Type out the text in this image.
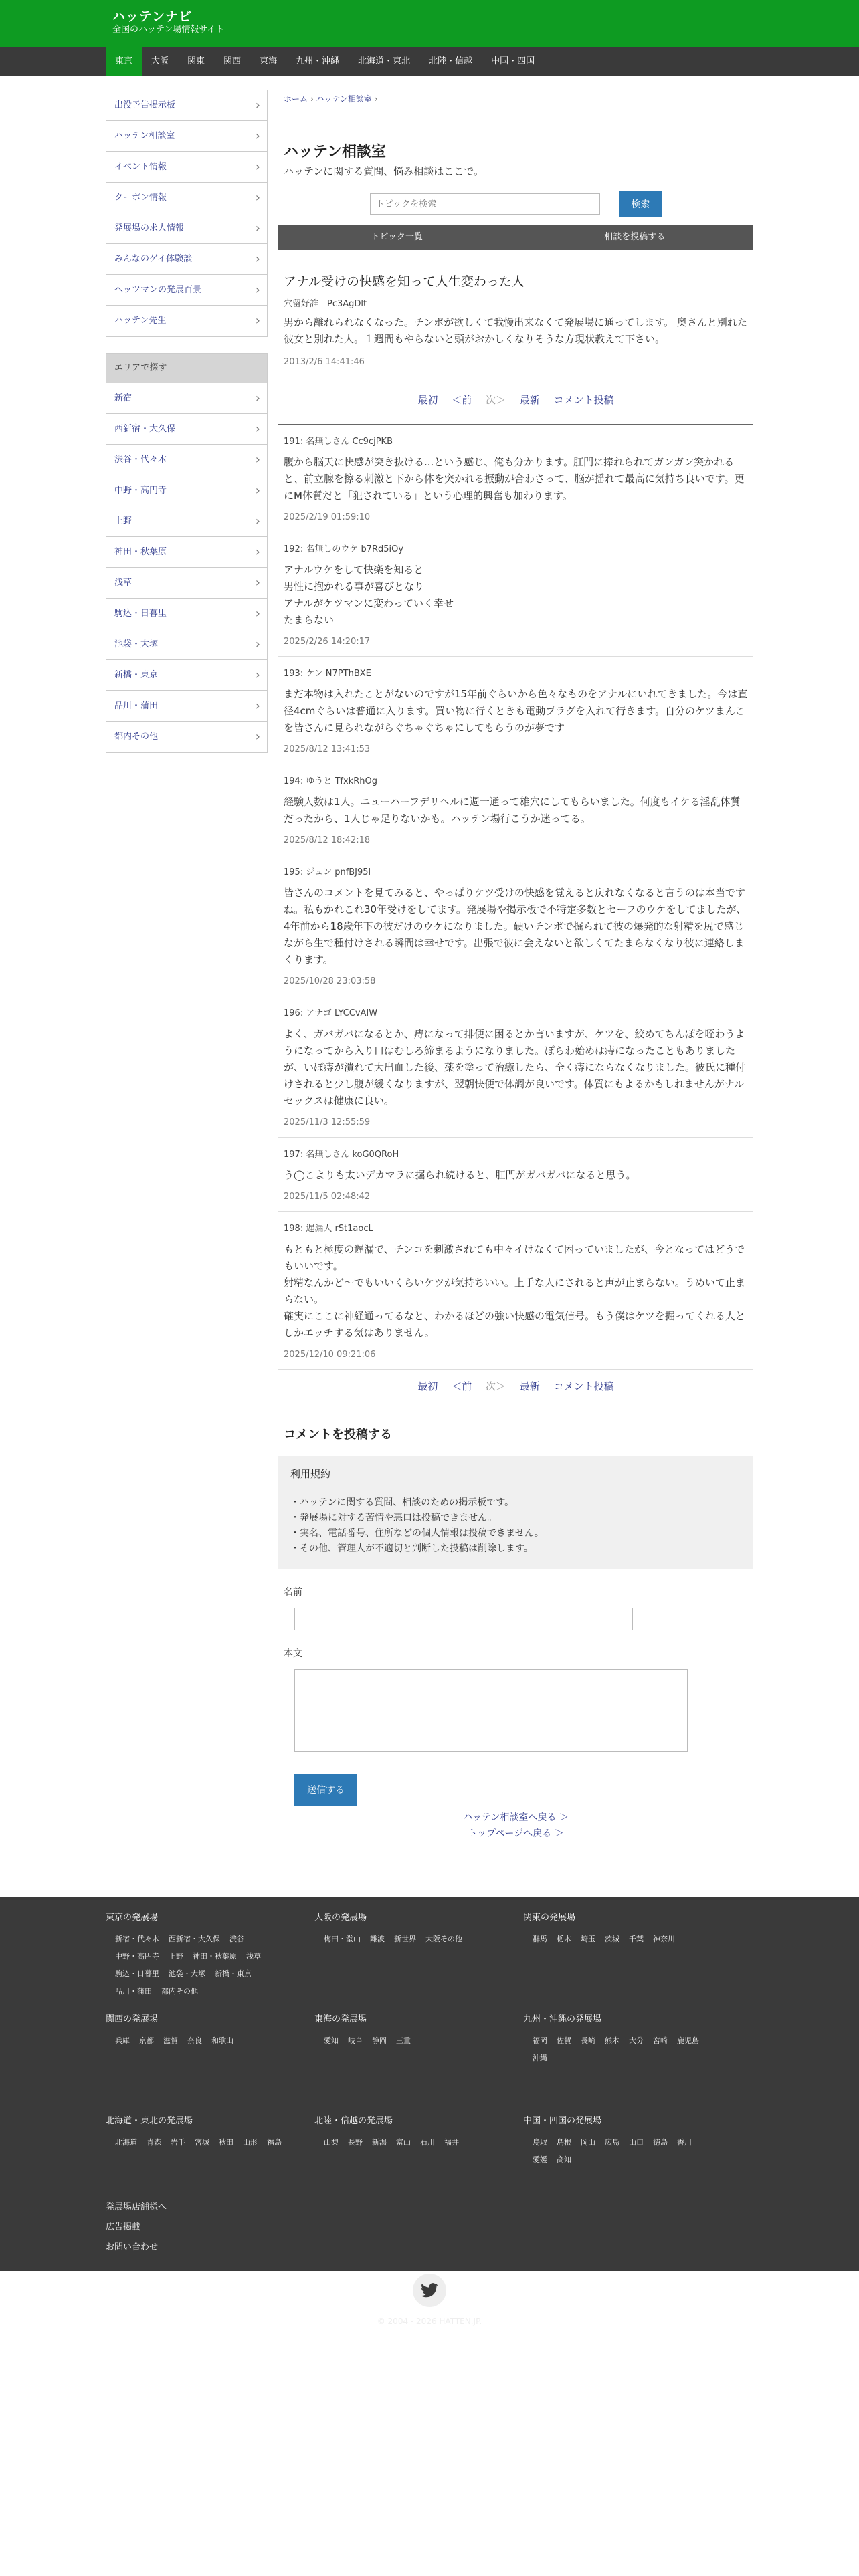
ハッテンナビ
全国のハッテン場情報サイト
東京	大阪	関東	関西	東海	九州・沖縄	北海道・東北	北陸・信越	中国・四国
出没予告掲示板	›
ハッテン相談室	›
イベント情報	›
クーポン情報	›
発展場の求人情報	›
みんなのゲイ体験談	›
ヘッツマンの発展百景	›
ハッテン先生	›
エリアで探す
新宿	›
西新宿・大久保	›
渋谷・代々木	›
中野・高円寺	›
上野	›
神田・秋葉原	›
浅草	›
駒込・日暮里	›
池袋・大塚	›
新橋・東京	›
品川・蒲田	›
都内その他	›
ホーム › ハッテン相談室 ›
ハッテン相談室
ハッテンに関する質問、悩み相談はここで。
トピックを検索 検索
トピック一覧	相談を投稿する
アナル受けの快感を知って人生変わった人
穴留好誰　Pc3AgDlt
男から離れられなくなった。チンポが欲しくて我慢出来なくて発展場に通ってします。 奥さんと別れた彼女と別れた人。１週間もやらないと頭がおかしくなりそうな方現状教えて下さい。
2013/2/6 14:41:46
最初 ＜前 次＞ 最新 コメント投稿
191: 名無しさん Cc9cjPKB
腹から脳天に快感が突き抜ける...という感じ、俺も分かります。肛門に捧れられてガンガン突かれると、前立腺を擦る刺激と下から体を突かれる振動が合わさって、脳が揺れて最高に気持ち良いです。更にM体質だと「犯されている」という心理的興奮も加わります。
2025/2/19 01:59:10
192: 名無しのウケ b7Rd5iOy
アナルウケをして快楽を知ると
男性に抱かれる事が喜びとなり
アナルがケツマンに変わっていく幸せ
たまらない
2025/2/26 14:20:17
193: ケン N7PThBXE
まだ本物は入れたことがないのですが15年前ぐらいから色々なものをアナルにいれてきました。今は直径4cmぐらいは普通に入ります。買い物に行くときも電動プラグを入れて行きます。自分のケツまんこを皆さんに見られながらぐちゃぐちゃにしてもらうのが夢です
2025/8/12 13:41:53
194: ゆうと TfxkRhOg
経験人数は1人。ニューハーフデリヘルに週一通って雄穴にしてもらいました。何度もイケる淫乱体質だったから、1人じゃ足りないかも。ハッテン場行こうか迷ってる。
2025/8/12 18:42:18
195: ジュン pnfBJ95l
皆さんのコメントを見てみると、やっぱりケツ受けの快感を覚えると戻れなくなると言うのは本当ですね。私もかれこれ30年受けをしてます。発展場や掲示板で不特定多数とセーフのウケをしてましたが、4年前から18歳年下の彼だけのウケになりました。硬いチンポで掘られて彼の爆発的な射精を尻で感じながら生で種付けされる瞬間は幸せです。出張で彼に会えないと欲しくてたまらなくなり彼に連絡しまくります。
2025/10/28 23:03:58
196: アナゴ LYCCvAIW
よく、ガバガバになるとか、痔になって排便に困るとか言いますが、ケツを、絞めてちんぽを咥わうようになってから入り口はむしろ締まるようになりました。ぽらわ始めは痔になったこともありましたが、いぼ痔が潰れて大出血した後、薬を塗って治癒したら、全く痔にならなくなりました。彼氏に種付けされると少し腹が緩くなりますが、翌朝快便で体調が良いです。体質にもよるかもしれませんがナルセックスは健康に良い。
2025/11/3 12:55:59
197: 名無しさん koG0QRoH
う◯こよりも太いデカマラに掘られ続けると、肛門がガバガバになると思う。
2025/11/5 02:48:42
198: 遅漏人 rSt1aocL
もともと極度の遅漏で、チンコを刺激されても中々イけなくて困っていましたが、今となってはどうでもいいです。
射精なんかど〜でもいいくらいケツが気持ちいい。上手な人にされると声が止まらない。うめいて止まらない。
確実にここに神経通ってるなと、わかるほどの強い快感の電気信号。もう僕はケツを掘ってくれる人としかエッチする気はありません。
2025/12/10 09:21:06
最初 ＜前 次＞ 最新 コメント投稿
コメントを投稿する
利用規約
・ハッテンに関する質問、相談のための掲示板です。
・発展場に対する苦情や悪口は投稿できません。
・実名、電話番号、住所などの個人情報は投稿できません。
・その他、管理人が不適切と判断した投稿は削除します。
名前
本文
送信する
ハッテン相談室へ戻る ＞
トップページへ戻る ＞
東京の発展場
新宿・代々木 西新宿・大久保 渋谷中野・高円寺 上野 神田・秋葉原 浅草駒込・日暮里 池袋・大塚 新橋・東京品川・蒲田 都内その他
大阪の発展場
梅田・堂山 難波 新世界 大阪その他
関東の発展場
群馬 栃木 埼玉 茨城 千葉 神奈川
関西の発展場
兵庫 京都 滋賀 奈良 和歌山
東海の発展場
愛知 岐阜 静岡 三重
九州・沖縄の発展場
福岡 佐賀 長崎 熊本 大分 宮崎 鹿児島沖縄
北海道・東北の発展場
北海道 青森 岩手 宮城 秋田 山形 福島
北陸・信越の発展場
山梨 長野 新潟 富山 石川 福井
中国・四国の発展場
鳥取 島根 岡山 広島 山口 徳島 香川愛媛 高知
発展場店舗様へ
広告掲載
お問い合わせ
© 2004 - 2026 HATTEN.JP.
